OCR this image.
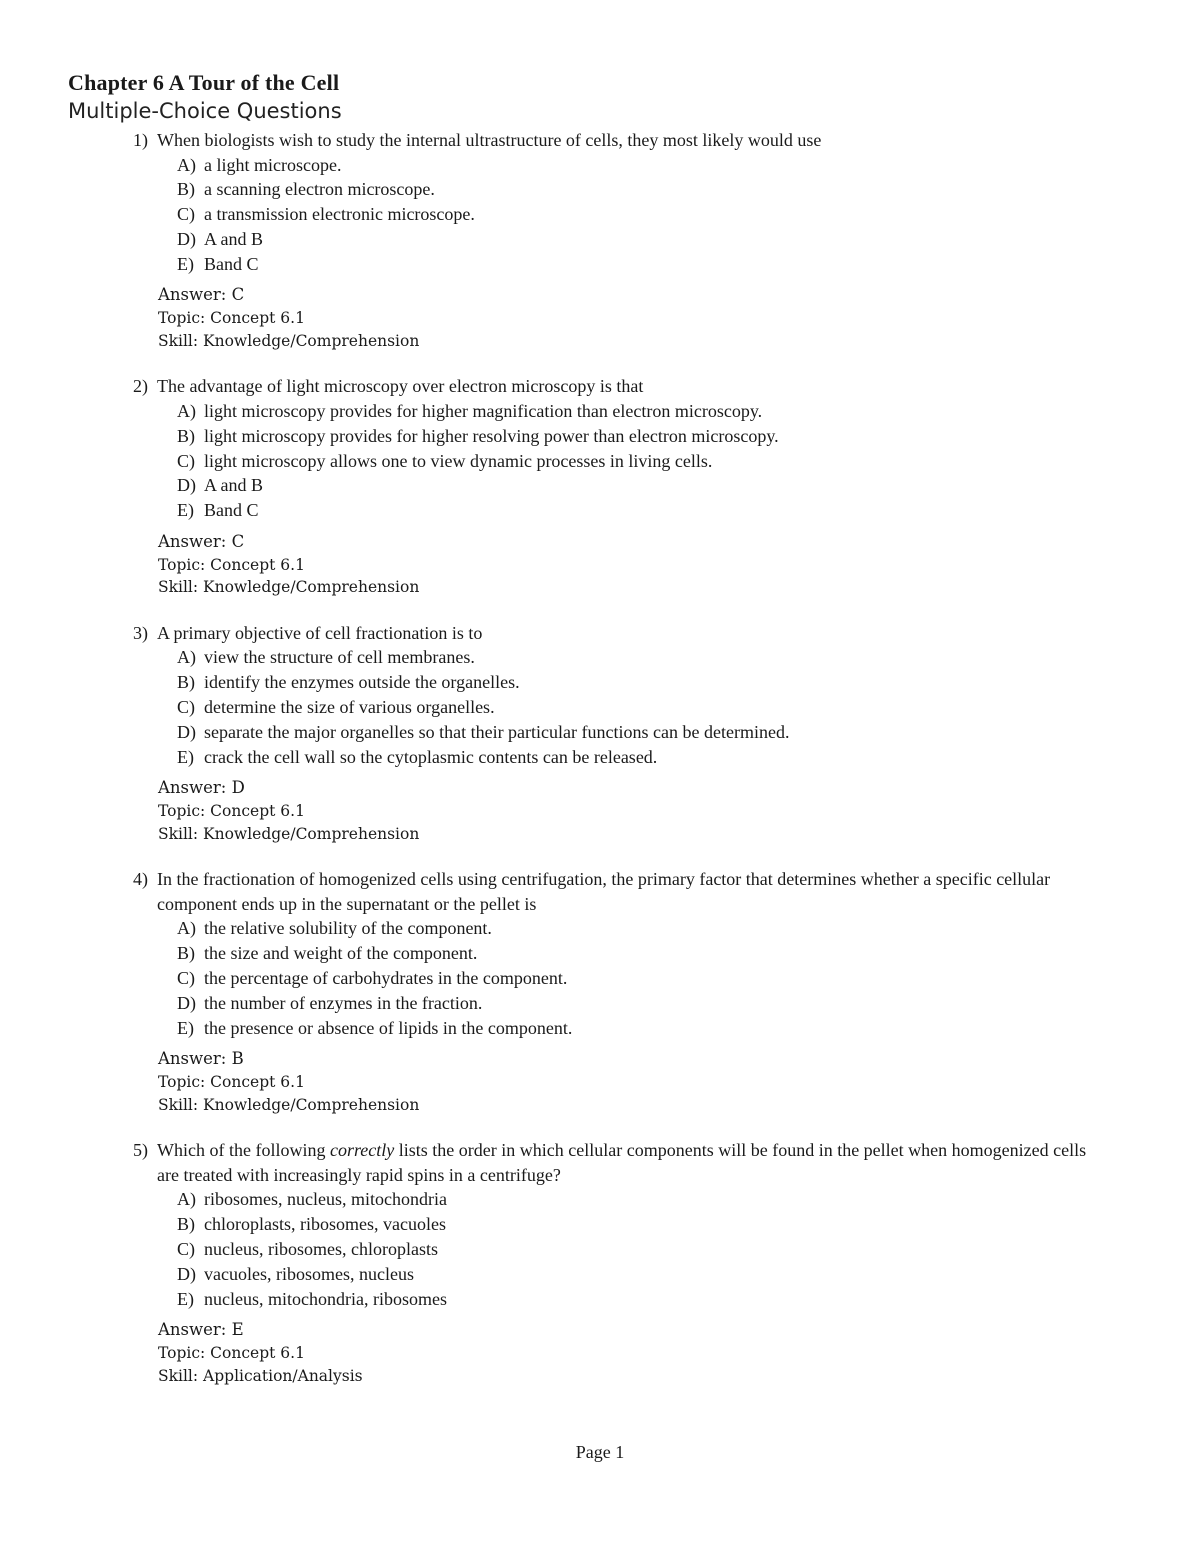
Chapter 6 A Tour of the Cell
Multiple-Choice Questions
1) When biologists wish to study the internal ultrastructure of cells, they most likely would use
A) a light microscope.
B) a scanning electron microscope.
C) a transmission electronic microscope.
D) A and B
E) Band C
Answer: C
Topic: Concept 6.1
Skill: Knowledge/Comprehension
2) The advantage of light microscopy over electron microscopy is that
A) light microscopy provides for higher magnification than electron microscopy.
B) light microscopy provides for higher resolving power than electron microscopy.
C) light microscopy allows one to view dynamic processes in living cells.
D) A and B
E) Band C
Answer: C
Topic: Concept 6.1
Skill: Knowledge/Comprehension
3) A primary objective of cell fractionation is to
A) view the structure of cell membranes.
B) identify the enzymes outside the organelles.
C) determine the size of various organelles.
D) separate the major organelles so that their particular functions can be determined.
E) crack the cell wall so the cytoplasmic contents can be released.
Answer: D
Topic: Concept 6.1
Skill: Knowledge/Comprehension
4) In the fractionation of homogenized cells using centrifugation, the primary factor that determines whether a specific cellular component ends up in the supernatant or the pellet is
A) the relative solubility of the component.
B) the size and weight of the component.
C) the percentage of carbohydrates in the component.
D) the number of enzymes in the fraction.
E) the presence or absence of lipids in the component.
Answer: B
Topic: Concept 6.1
Skill: Knowledge/Comprehension
5) Which of the following correctly lists the order in which cellular components will be found in the pellet when homogenized cells are treated with increasingly rapid spins in a centrifuge?
A) ribosomes, nucleus, mitochondria
B) chloroplasts, ribosomes, vacuoles
C) nucleus, ribosomes, chloroplasts
D) vacuoles, ribosomes, nucleus
E) nucleus, mitochondria, ribosomes
Answer: E
Topic: Concept 6.1
Skill: Application/Analysis
Page 1
